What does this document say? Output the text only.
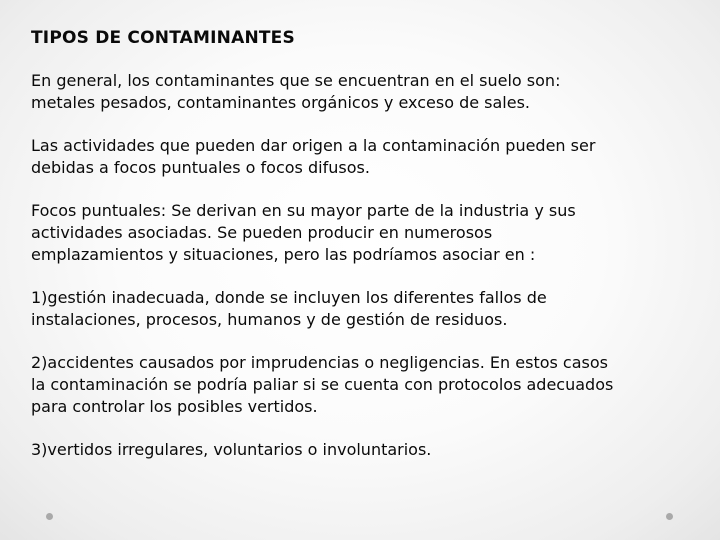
TIPOS DE CONTAMINANTES

En general, los contaminantes que se encuentran en el suelo son:
metales pesados, contaminantes orgánicos y exceso de sales.

Las actividades que pueden dar origen a la contaminación pueden ser
debidas a focos puntuales o focos difusos.

Focos puntuales: Se derivan en su mayor parte de la industria y sus
actividades asociadas. Se pueden producir en numerosos
emplazamientos y situaciones, pero las podríamos asociar en :

1)gestión inadecuada, donde se incluyen los diferentes fallos de
instalaciones, procesos, humanos y de gestión de residuos.

2)accidentes causados por imprudencias o negligencias. En estos casos
la contaminación se podría paliar si se cuenta con protocolos adecuados
para controlar los posibles vertidos.

3)vertidos irregulares, voluntarios o involuntarios.
